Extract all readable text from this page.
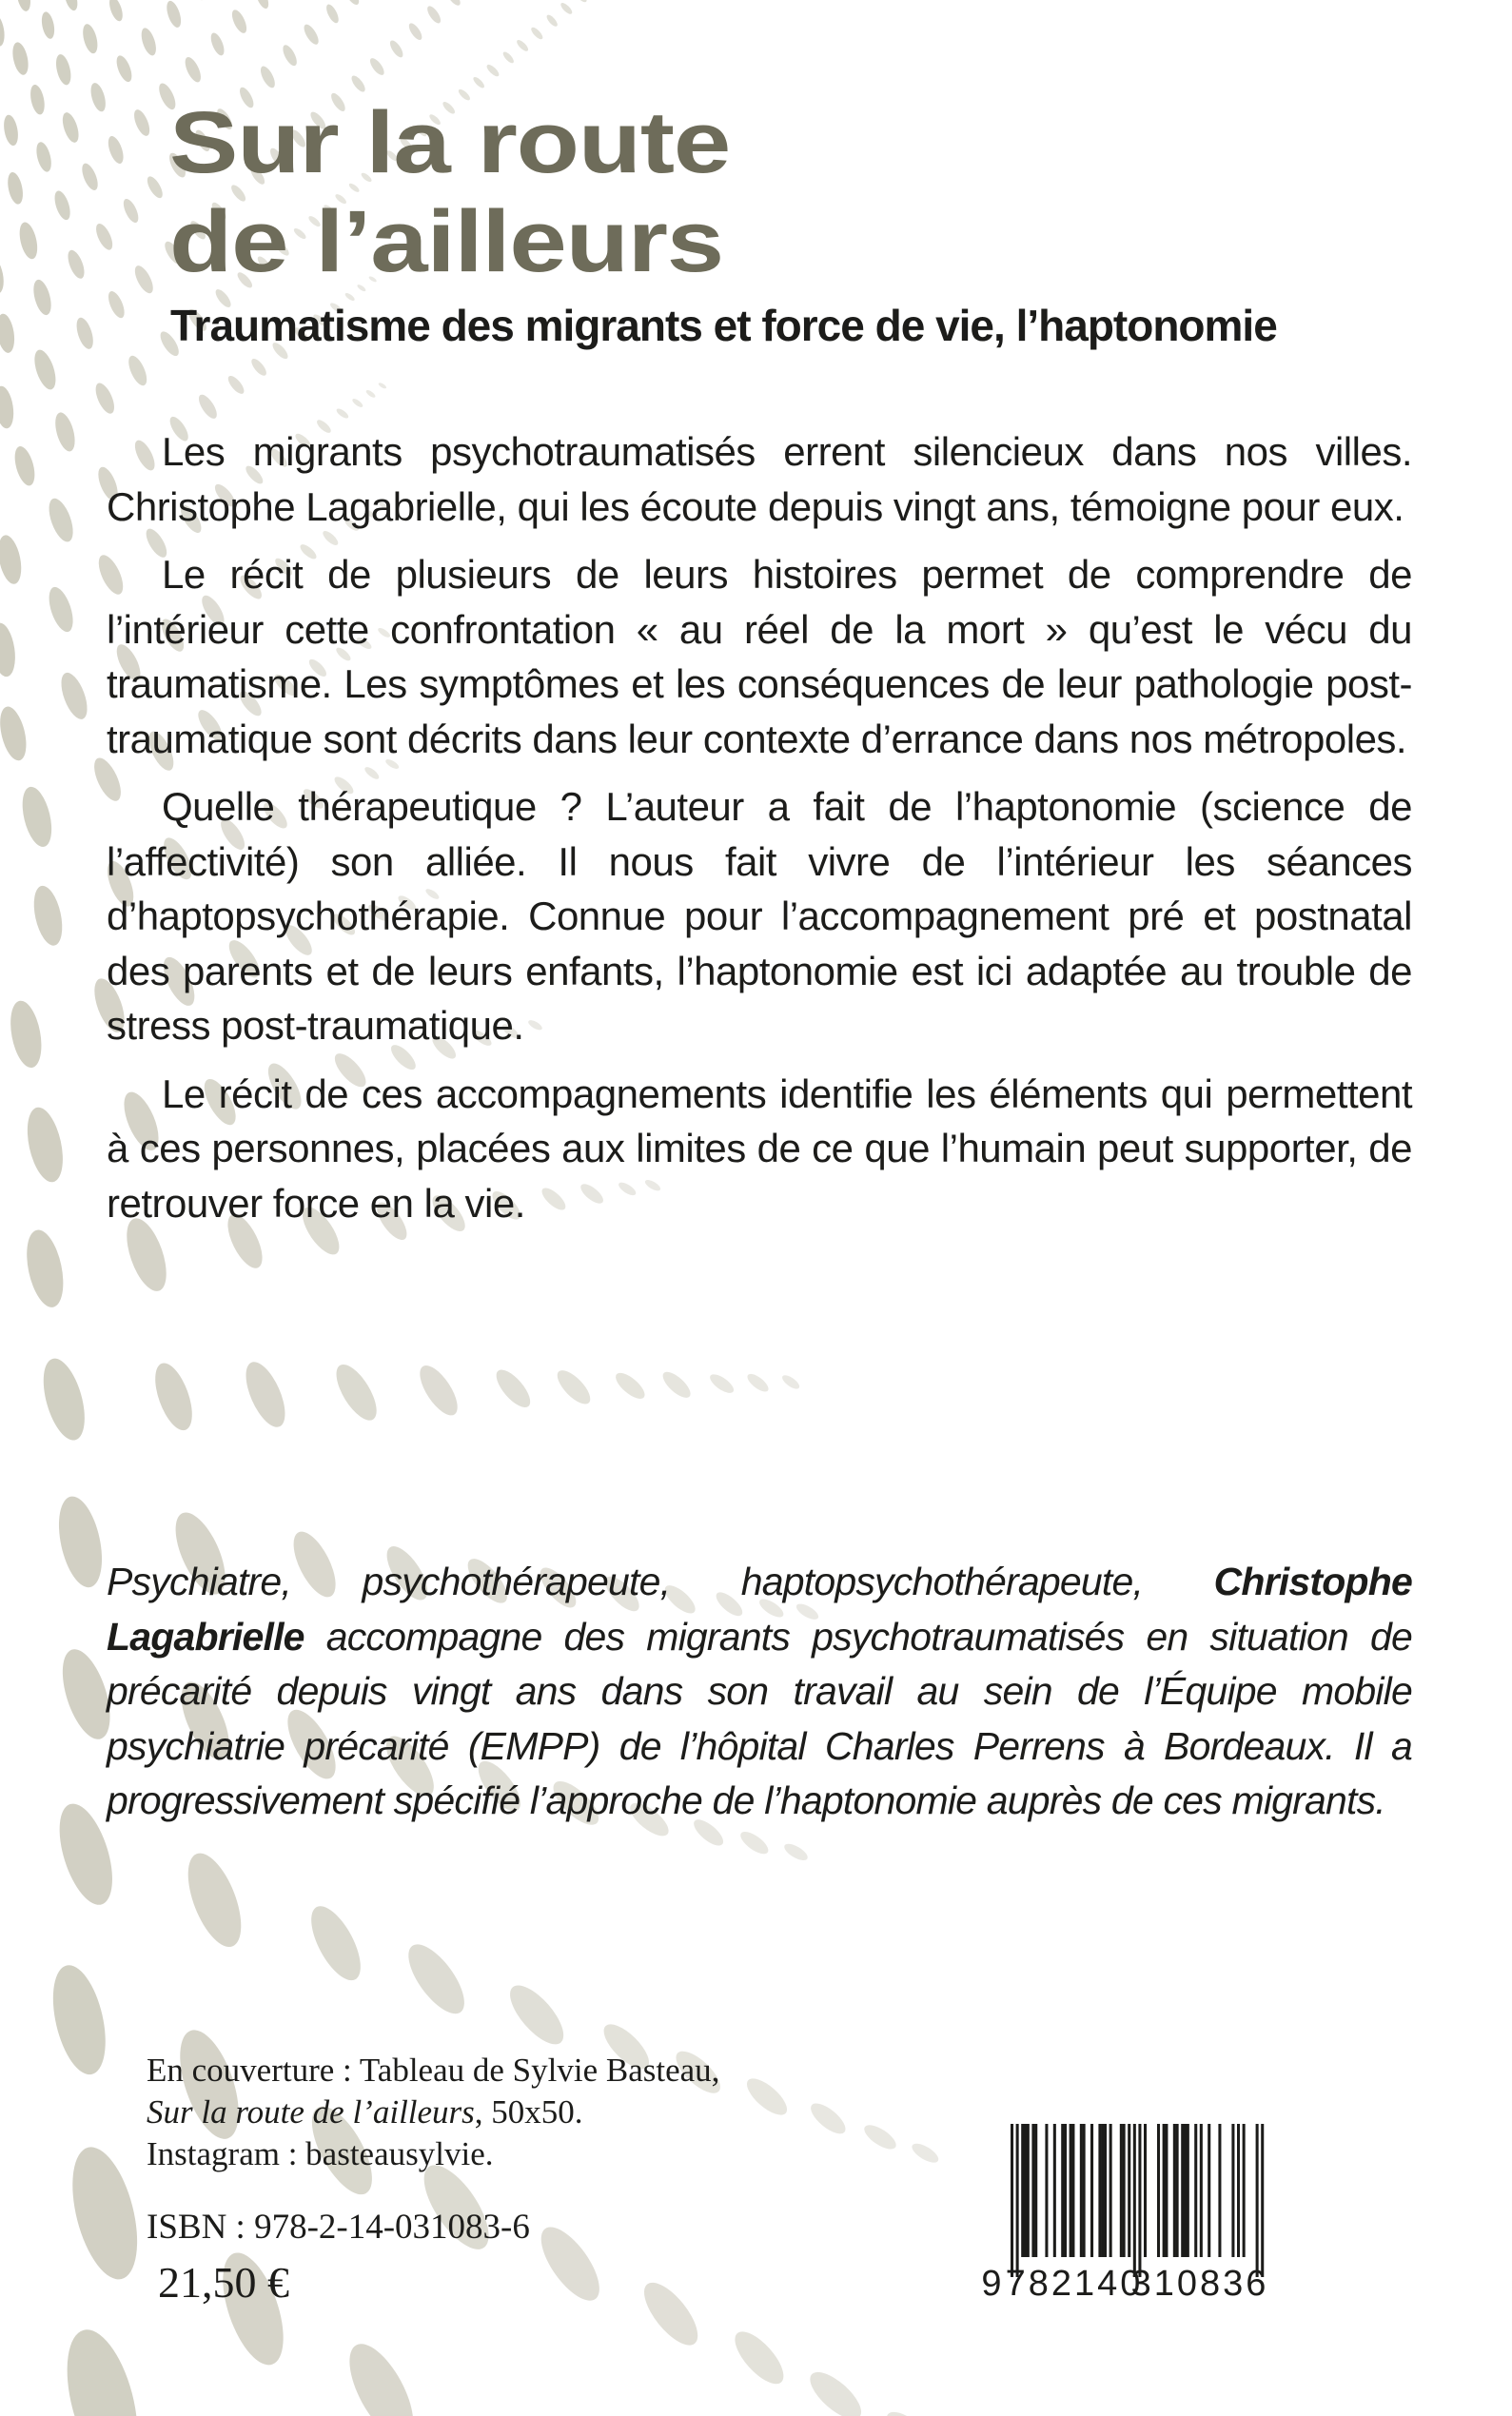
Sur la route
de l’ailleurs
Traumatisme des migrants et force de vie, l’haptonomie

Les migrants psychotraumatisés errent silencieux dans nos villes. Christophe Lagabrielle, qui les écoute depuis vingt ans, témoigne pour eux.

Le récit de plusieurs de leurs histoires permet de comprendre de l’intérieur cette confrontation « au réel de la mort » qu’est le vécu du traumatisme. Les symptômes et les conséquences de leur pathologie post-traumatique sont décrits dans leur contexte d’errance dans nos métropoles.

Quelle thérapeutique ? L’auteur a fait de l’haptonomie (science de l’affectivité) son alliée. Il nous fait vivre de l’intérieur les séances d’haptopsychothérapie. Connue pour l’accompagnement pré et postnatal des parents et de leurs enfants, l’haptonomie est ici adaptée au trouble de stress post-traumatique.

Le récit de ces accompagnements identifie les éléments qui permettent à ces personnes, placées aux limites de ce que l’humain peut supporter, de retrouver force en la vie.

Psychiatre, psychothérapeute, haptopsychothérapeute, Christophe Lagabrielle accompagne des migrants psychotraumatisés en situation de précarité depuis vingt ans dans son travail au sein de l’Équipe mobile psychiatrie précarité (EMPP) de l’hôpital Charles Perrens à Bordeaux. Il a progressivement spécifié l’approche de l’haptonomie auprès de ces migrants.

En couverture : Tableau de Sylvie Basteau,
Sur la route de l’ailleurs, 50x50.
Instagram : basteausylvie.
ISBN : 978-2-14-031083-6
21,50 €	9 782140
310836
